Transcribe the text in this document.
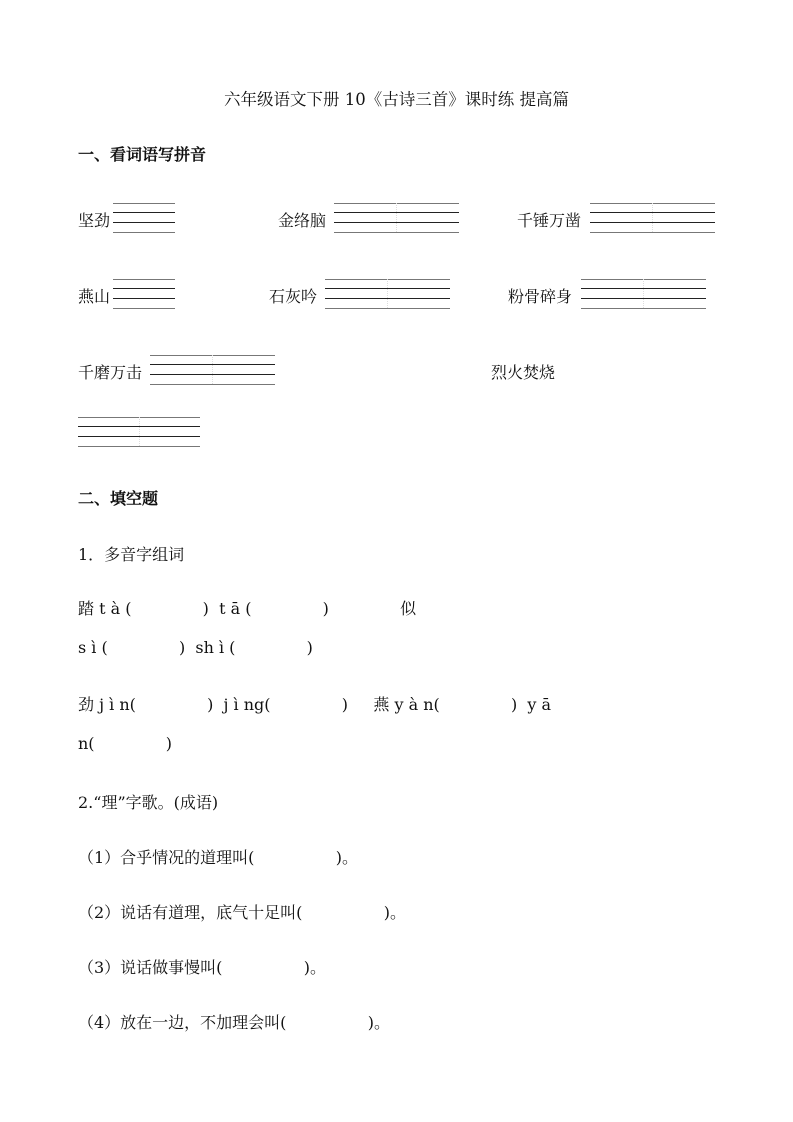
六年级语文下册 10《古诗三首》课时练 提高篇
一、看词语写拼音
坚劲	金络脑	千锤万凿
燕山	石灰吟	粉骨碎身
千磨万击	烈火焚烧
二、填空题
1．多音字组词
踏 t à (              )  t ā (              )              似
s ì (              )  sh ì (              )
劲 j ì n(              )  j ì ng(              )     燕 y à n(              )  y ā
n(              )
2.“理”字歌。(成语)
（1）合乎情况的道理叫(                )。
（2）说话有道理，底气十足叫(                )。
（3）说话做事慢叫(                )。
（4）放在一边，不加理会叫(                )。
